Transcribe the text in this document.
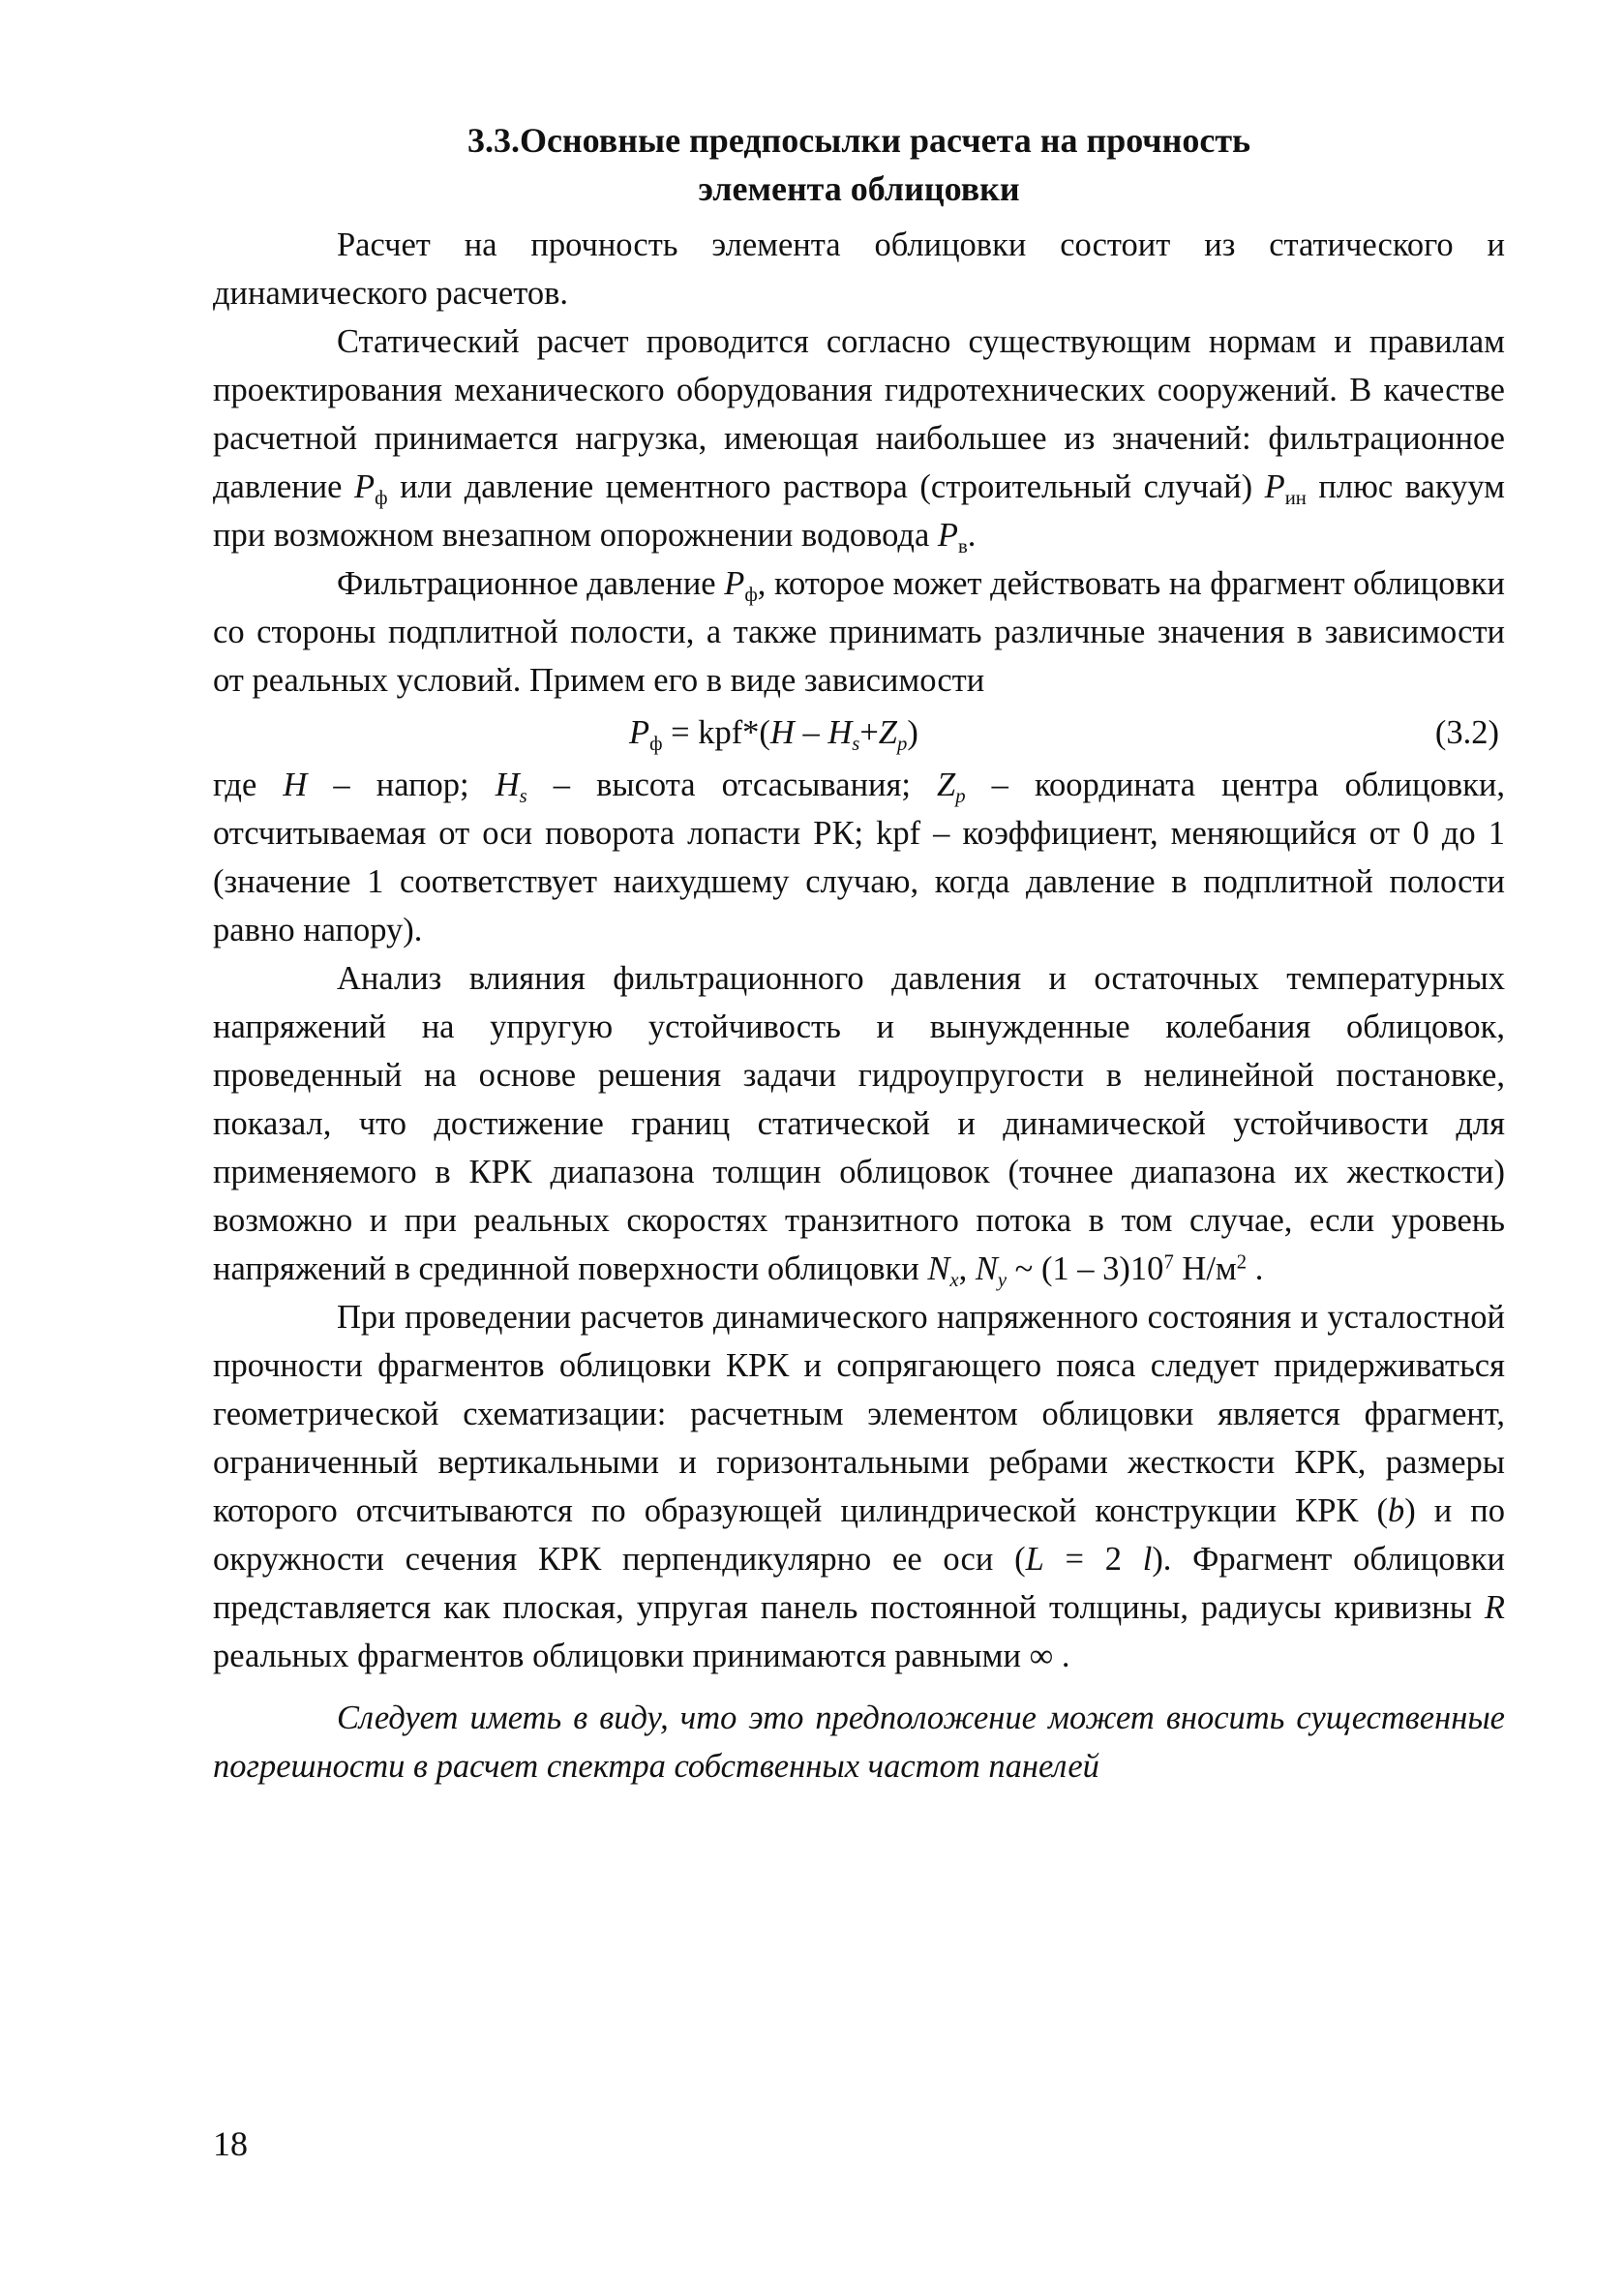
3.3.Основные предпосылки расчета на прочность
элемента облицовки

Расчет на прочность элемента облицовки состоит из статического и динамического расчетов.

Статический расчет проводится согласно существующим нормам и правилам проектирования механического оборудования гидротехнических сооружений. В качестве расчетной принимается нагрузка, имеющая наибольшее из значений: фильтрационное давление $P_ф$ или давление цементного раствора (строительный случай) $P_{ин}$ плюс вакуум при возможном внезапном опорожнении водовода $P_в$.

Фильтрационное давление $P_ф$, которое может действовать на фрагмент облицовки со стороны подплитной полости, а также принимать различные значения в зависимости от реальных условий. Примем его в виде зависимости

$P_ф = kpf*(H - H_s+Z_p)$	(3.2)

где H – напор; $H_s$ – высота отсасывания; $Z_p$ – координата центра облицовки, отсчитываемая от оси поворота лопасти РК; kpf – коэффициент, меняющийся от 0 до 1 (значение 1 соответствует наихудшему случаю, когда давление в подплитной полости равно напору).

Анализ влияния фильтрационного давления и остаточных температурных напряжений на упругую устойчивость и вынужденные колебания облицовок, проведенный на основе решения задачи гидроупругости в нелинейной постановке, показал, что достижение границ статической и динамической устойчивости для применяемого в КРК диапазона толщин облицовок (точнее диапазона их жесткости) возможно и при реальных скоростях транзитного потока в том случае, если уровень напряжений в срединной поверхности облицовки $N_x$, $N_y$ ~ $(1 - 3)10^7$ $Н/м^2$ .

При проведении расчетов динамического напряженного состояния и усталостной прочности фрагментов облицовки КРК и сопрягающего пояса следует придерживаться геометрической схематизации: расчетным элементом облицовки является фрагмент, ограниченный вертикальными и горизонтальными ребрами жесткости КРК, размеры которого отсчитываются по образующей цилиндрической конструкции КРК (b) и по окружности сечения КРК перпендикулярно ее оси (L = 2 l). Фрагмент облицовки представляется как плоская, упругая панель постоянной толщины, радиусы кривизны R реальных фрагментов облицовки принимаются равными ∞ .

Следует иметь в виду, что это предположение может вносить существенные погрешности в расчет спектра собственных частот панелей

18
